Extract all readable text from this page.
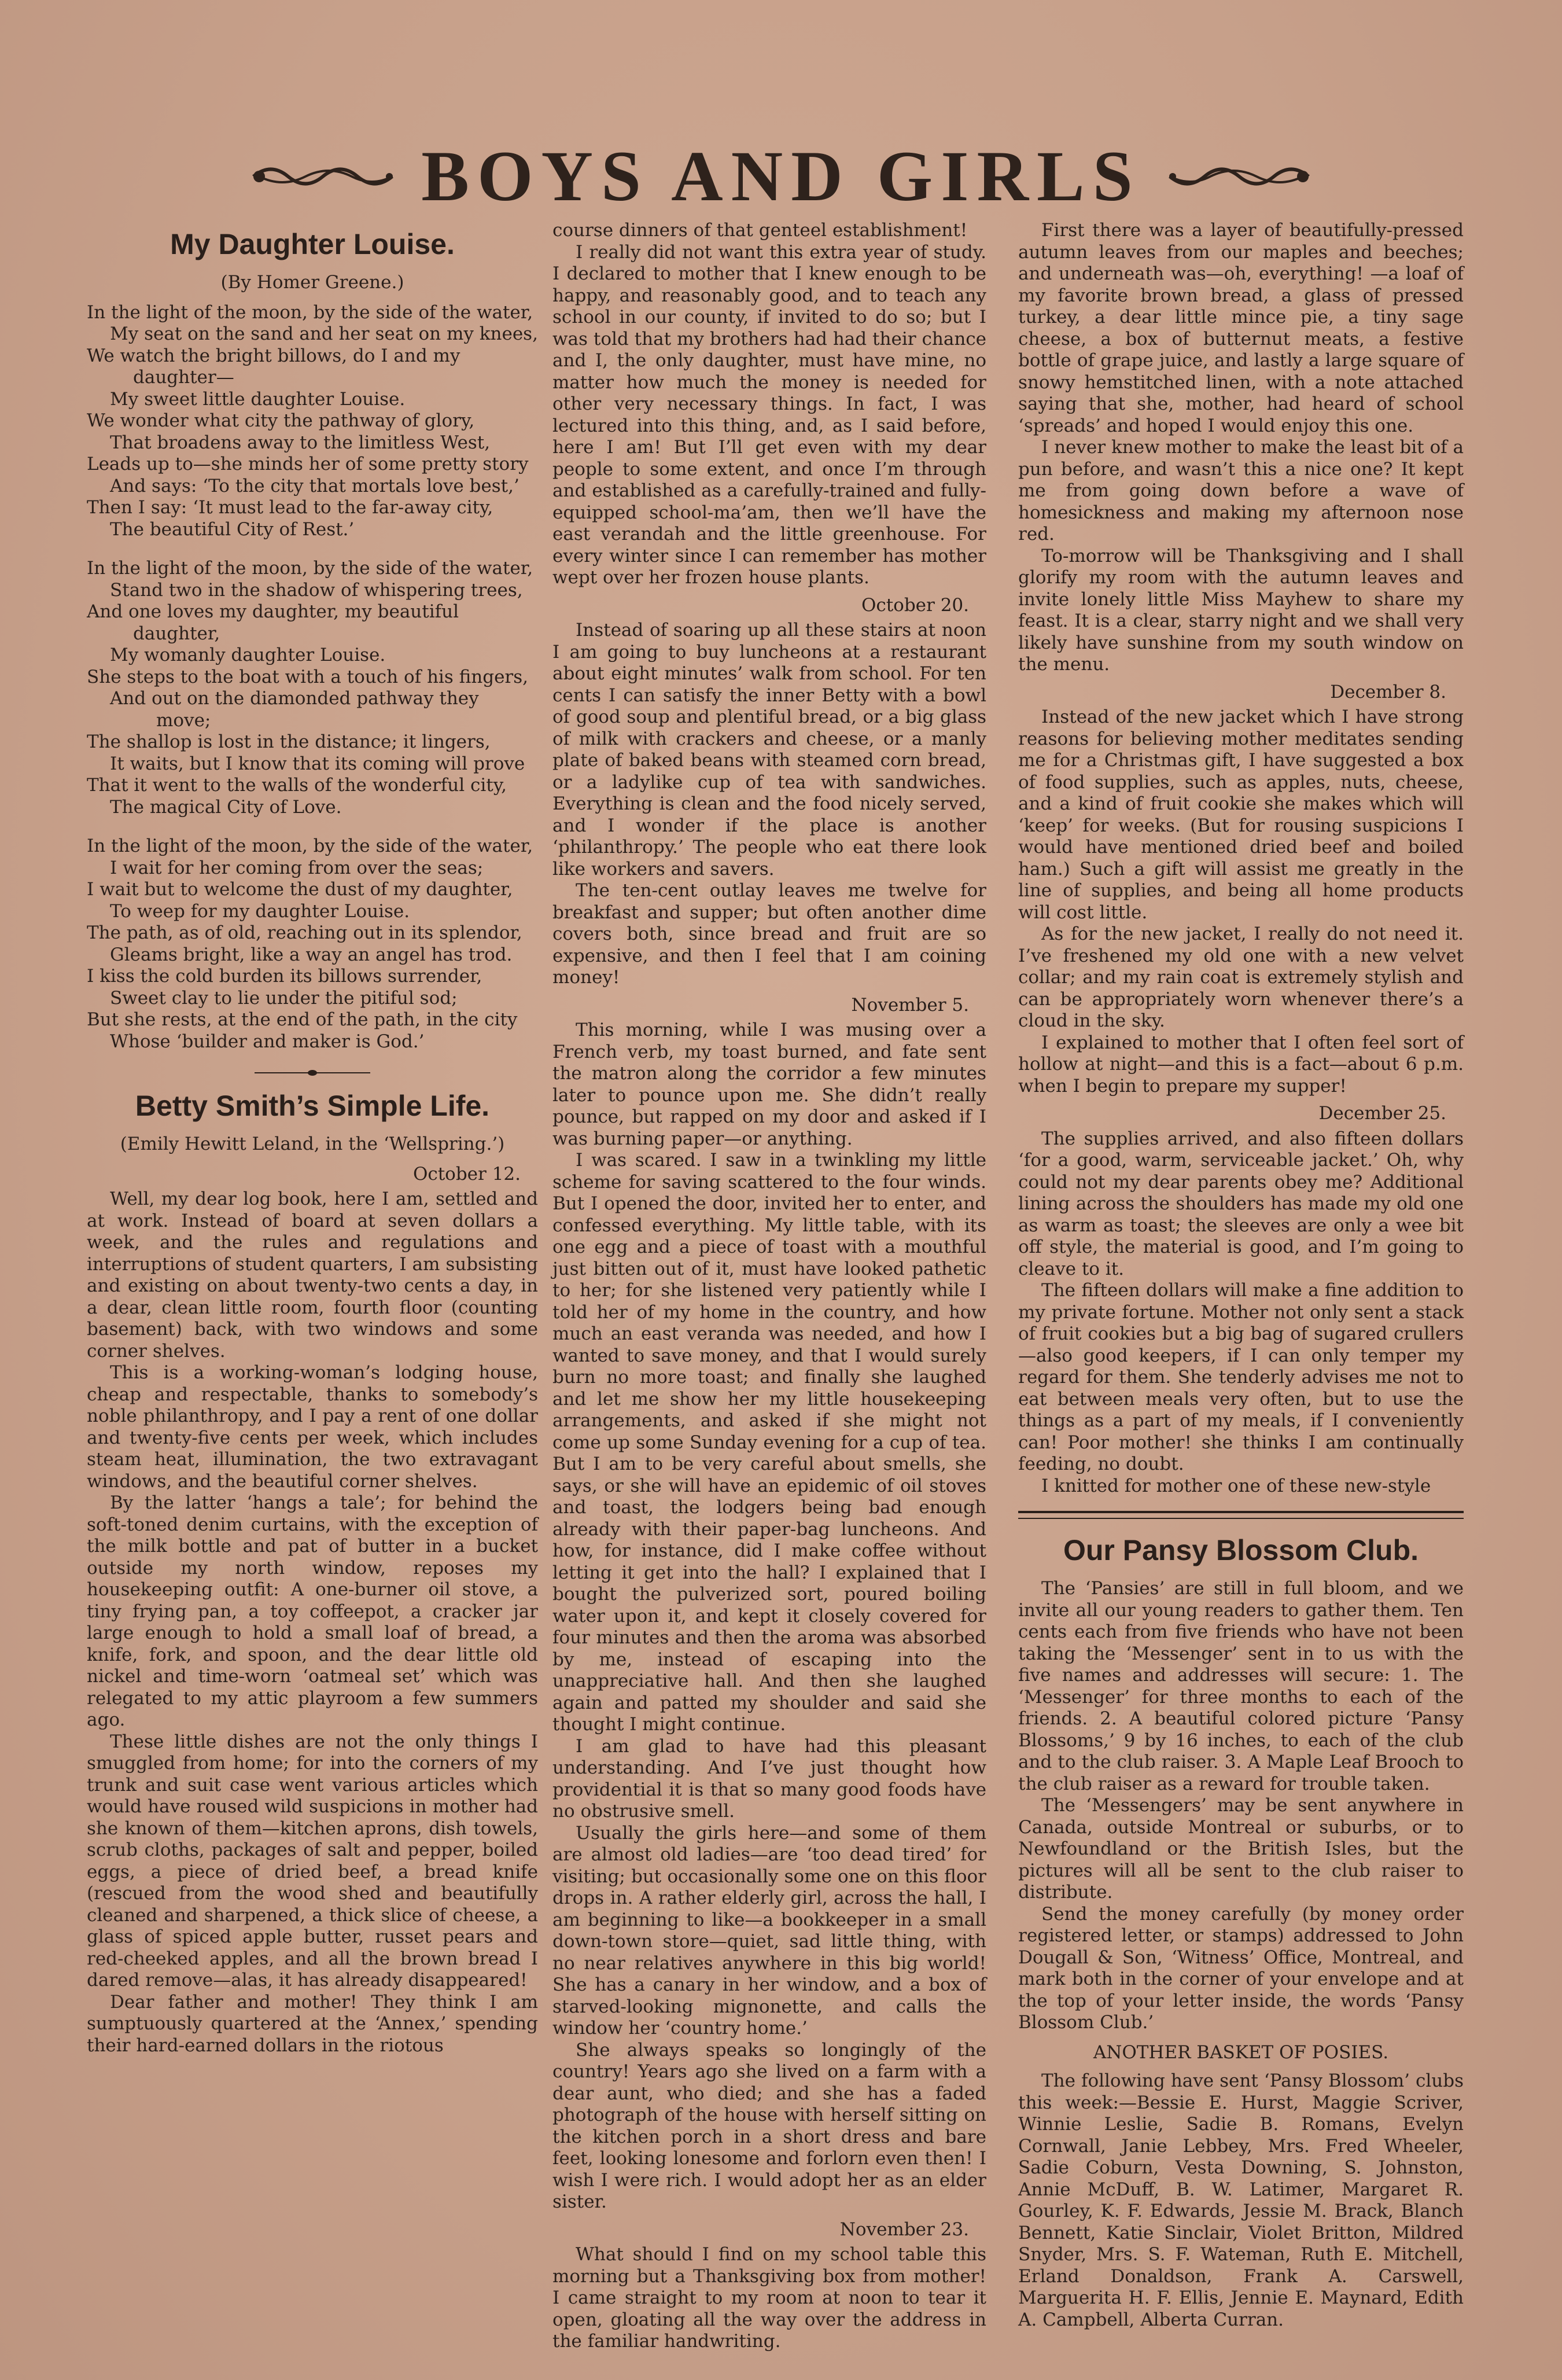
BOYS AND GIRLS
My Daughter Louise.
(By Homer Greene.)
In the light of the moon, by the side of the water,
My seat on the sand and her seat on my knees,
We watch the bright billows, do I and my daughter—
My sweet little daughter Louise.
We wonder what city the pathway of glory,
That broadens away to the limitless West,
Leads up to—she minds her of some pretty story
And says: ‘To the city that mortals love best,’
Then I say: ‘It must lead to the far-away city,
The beautiful City of Rest.’
In the light of the moon, by the side of the water,
Stand two in the shadow of whispering trees,
And one loves my daughter, my beautiful daughter,
My womanly daughter Louise.
She steps to the boat with a touch of his fingers,
And out on the diamonded pathway they move;
The shallop is lost in the distance; it lingers,
It waits, but I know that its coming will prove
That it went to the walls of the wonderful city,
The magical City of Love.
In the light of the moon, by the side of the water,
I wait for her coming from over the seas;
I wait but to welcome the dust of my daughter,
To weep for my daughter Louise.
The path, as of old, reaching out in its splendor,
Gleams bright, like a way an angel has trod.
I kiss the cold burden its billows surrender,
Sweet clay to lie under the pitiful sod;
But she rests, at the end of the path, in the city
Whose ‘builder and maker is God.’
Betty Smith’s Simple Life.
(Emily Hewitt Leland, in the ‘Wellspring.’)
October 12.

Well, my dear log book, here I am, settled and at work. Instead of board at seven dollars a week, and the rules and regulations and interruptions of student quarters, I am subsisting and existing on about twenty-two cents a day, in a dear, clean little room, fourth floor (counting basement) back, with two windows and some corner shelves.

This is a working-woman’s lodging house, cheap and respectable, thanks to somebody’s noble philanthropy, and I pay a rent of one dollar and twenty-five cents per week, which includes steam heat, illumination, the two extravagant windows, and the beautiful corner shelves.

By the latter ‘hangs a tale’; for behind the soft-toned denim curtains, with the exception of the milk bottle and pat of butter in a bucket outside my north window, reposes my housekeeping outfit: A one-burner oil stove, a tiny frying pan, a toy coffeepot, a cracker jar large enough to hold a small loaf of bread, a knife, fork, and spoon, and the dear little old nickel and time-worn ‘oatmeal set’ which was relegated to my attic playroom a few summers ago.

These little dishes are not the only things I smuggled from home; for into the corners of my trunk and suit case went various articles which would have roused wild suspicions in mother had she known of them—kitchen aprons, dish towels, scrub cloths, packages of salt and pepper, boiled eggs, a piece of dried beef, a bread knife (rescued from the wood shed and beautifully cleaned and sharpened, a thick slice of cheese, a glass of spiced apple butter, russet pears and red-cheeked apples, and all the brown bread I dared remove—alas, it has already disappeared!

Dear father and mother! They think I am sumptuously quartered at the ‘Annex,’ spending their hard-earned dollars in the riotous

course dinners of that genteel establishment!

I really did not want this extra year of study. I declared to mother that I knew enough to be happy, and reasonably good, and to teach any school in our county, if invited to do so; but I was told that my brothers had had their chance and I, the only daughter, must have mine, no matter how much the money is needed for other very necessary things. In fact, I was lectured into this thing, and, as I said before, here I am! But I’ll get even with my dear people to some extent, and once I’m through and established as a carefully-trained and fully-equipped school-ma’am, then we’ll have the east verandah and the little greenhouse. For every winter since I can remember has mother wept over her frozen house plants.

October 20.

Instead of soaring up all these stairs at noon I am going to buy luncheons at a restaurant about eight minutes’ walk from school. For ten cents I can satisfy the inner Betty with a bowl of good soup and plentiful bread, or a big glass of milk with crackers and cheese, or a manly plate of baked beans with steamed corn bread, or a ladylike cup of tea with sandwiches. Everything is clean and the food nicely served, and I wonder if the place is another ‘philanthropy.’ The people who eat there look like workers and savers.

The ten-cent outlay leaves me twelve for breakfast and supper; but often another dime covers both, since bread and fruit are so expensive, and then I feel that I am coining money!

November 5.

This morning, while I was musing over a French verb, my toast burned, and fate sent the matron along the corridor a few minutes later to pounce upon me. She didn’t really pounce, but rapped on my door and asked if I was burning paper—or anything.

I was scared. I saw in a twinkling my little scheme for saving scattered to the four winds. But I opened the door, invited her to enter, and confessed everything. My little table, with its one egg and a piece of toast with a mouthful just bitten out of it, must have looked pathetic to her; for she listened very patiently while I told her of my home in the country, and how much an east veranda was needed, and how I wanted to save money, and that I would surely burn no more toast; and finally she laughed and let me show her my little housekeeping arrangements, and asked if she might not come up some Sunday evening for a cup of tea. But I am to be very careful about smells, she says, or she will have an epidemic of oil stoves and toast, the lodgers being bad enough already with their paper-bag luncheons. And how, for instance, did I make coffee without letting it get into the hall? I explained that I bought the pulverized sort, poured boiling water upon it, and kept it closely covered for four minutes and then the aroma was absorbed by me, instead of escaping into the unappreciative hall. And then she laughed again and patted my shoulder and said she thought I might continue.

I am glad to have had this pleasant understanding. And I’ve just thought how providential it is that so many good foods have no obstrusive smell.

Usually the girls here—and some of them are almost old ladies—are ‘too dead tired’ for visiting; but occasionally some one on this floor drops in. A rather elderly girl, across the hall, I am beginning to like—a bookkeeper in a small down-town store—quiet, sad little thing, with no near relatives anywhere in this big world! She has a canary in her window, and a box of starved-looking mignonette, and calls the window her ‘country home.’

She always speaks so longingly of the country! Years ago she lived on a farm with a dear aunt, who died; and she has a faded photograph of the house with herself sitting on the kitchen porch in a short dress and bare feet, looking lonesome and forlorn even then! I wish I were rich. I would adopt her as an elder sister.

November 23.

What should I find on my school table this morning but a Thanksgiving box from mother! I came straight to my room at noon to tear it open, gloating all the way over the address in the familiar handwriting.

First there was a layer of beautifully-pressed autumn leaves from our maples and beeches; and underneath was—oh, everything! —a loaf of my favorite brown bread, a glass of pressed turkey, a dear little mince pie, a tiny sage cheese, a box of butternut meats, a festive bottle of grape juice, and lastly a large square of snowy hemstitched linen, with a note attached saying that she, mother, had heard of school ‘spreads’ and hoped I would enjoy this one.

I never knew mother to make the least bit of a pun before, and wasn’t this a nice one? It kept me from going down before a wave of homesickness and making my afternoon nose red.

To-morrow will be Thanksgiving and I shall glorify my room with the autumn leaves and invite lonely little Miss Mayhew to share my feast. It is a clear, starry night and we shall very likely have sunshine from my south window on the menu.

December 8.

Instead of the new jacket which I have strong reasons for believing mother meditates sending me for a Christmas gift, I have suggested a box of food supplies, such as apples, nuts, cheese, and a kind of fruit cookie she makes which will ‘keep’ for weeks. (But for rousing suspicions I would have mentioned dried beef and boiled ham.) Such a gift will assist me greatly in the line of supplies, and being all home products will cost little.

As for the new jacket, I really do not need it. I’ve freshened my old one with a new velvet collar; and my rain coat is extremely stylish and can be appropriately worn whenever there’s a cloud in the sky.

I explained to mother that I often feel sort of hollow at night—and this is a fact—about 6 p.m. when I begin to prepare my supper!

December 25.

The supplies arrived, and also fifteen dollars ‘for a good, warm, serviceable jacket.’ Oh, why could not my dear parents obey me? Additional lining across the shoulders has made my old one as warm as toast; the sleeves are only a wee bit off style, the material is good, and I’m going to cleave to it.

The fifteen dollars will make a fine addition to my private fortune. Mother not only sent a stack of fruit cookies but a big bag of sugared crullers—also good keepers, if I can only temper my regard for them. She tenderly advises me not to eat between meals very often, but to use the things as a part of my meals, if I conveniently can! Poor mother! she thinks I am continually feeding, no doubt.

I knitted for mother one of these new-style

Our Pansy Blossom Club.

The ‘Pansies’ are still in full bloom, and we invite all our young readers to gather them. Ten cents each from five friends who have not been taking the ‘Messenger’ sent in to us with the five names and addresses will secure: 1. The ‘Messenger’ for three months to each of the friends. 2. A beautiful colored picture ‘Pansy Blossoms,’ 9 by 16 inches, to each of the club and to the club raiser. 3. A Maple Leaf Brooch to the club raiser as a reward for trouble taken.

The ‘Messengers’ may be sent anywhere in Canada, outside Montreal or suburbs, or to Newfoundland or the British Isles, but the pictures will all be sent to the club raiser to distribute.

Send the money carefully (by money order registered letter, or stamps) addressed to John Dougall & Son, ‘Witness’ Office, Montreal, and mark both in the corner of your envelope and at the top of your letter inside, the words ‘Pansy Blossom Club.’

ANOTHER BASKET OF POSIES.

The following have sent ‘Pansy Blossom’ clubs this week:—Bessie E. Hurst, Maggie Scriver, Winnie Leslie, Sadie B. Romans, Evelyn Cornwall, Janie Lebbey, Mrs. Fred Wheeler, Sadie Coburn, Vesta Downing, S. Johnston, Annie McDuff, B. W. Latimer, Margaret R. Gourley, K. F. Edwards, Jessie M. Brack, Blanch Bennett, Katie Sinclair, Violet Britton, Mildred Snyder, Mrs. S. F. Wateman, Ruth E. Mitchell, Erland Donaldson, Frank A. Carswell, Marguerita H. F. Ellis, Jennie E. Maynard, Edith A. Campbell, Alberta Curran.
